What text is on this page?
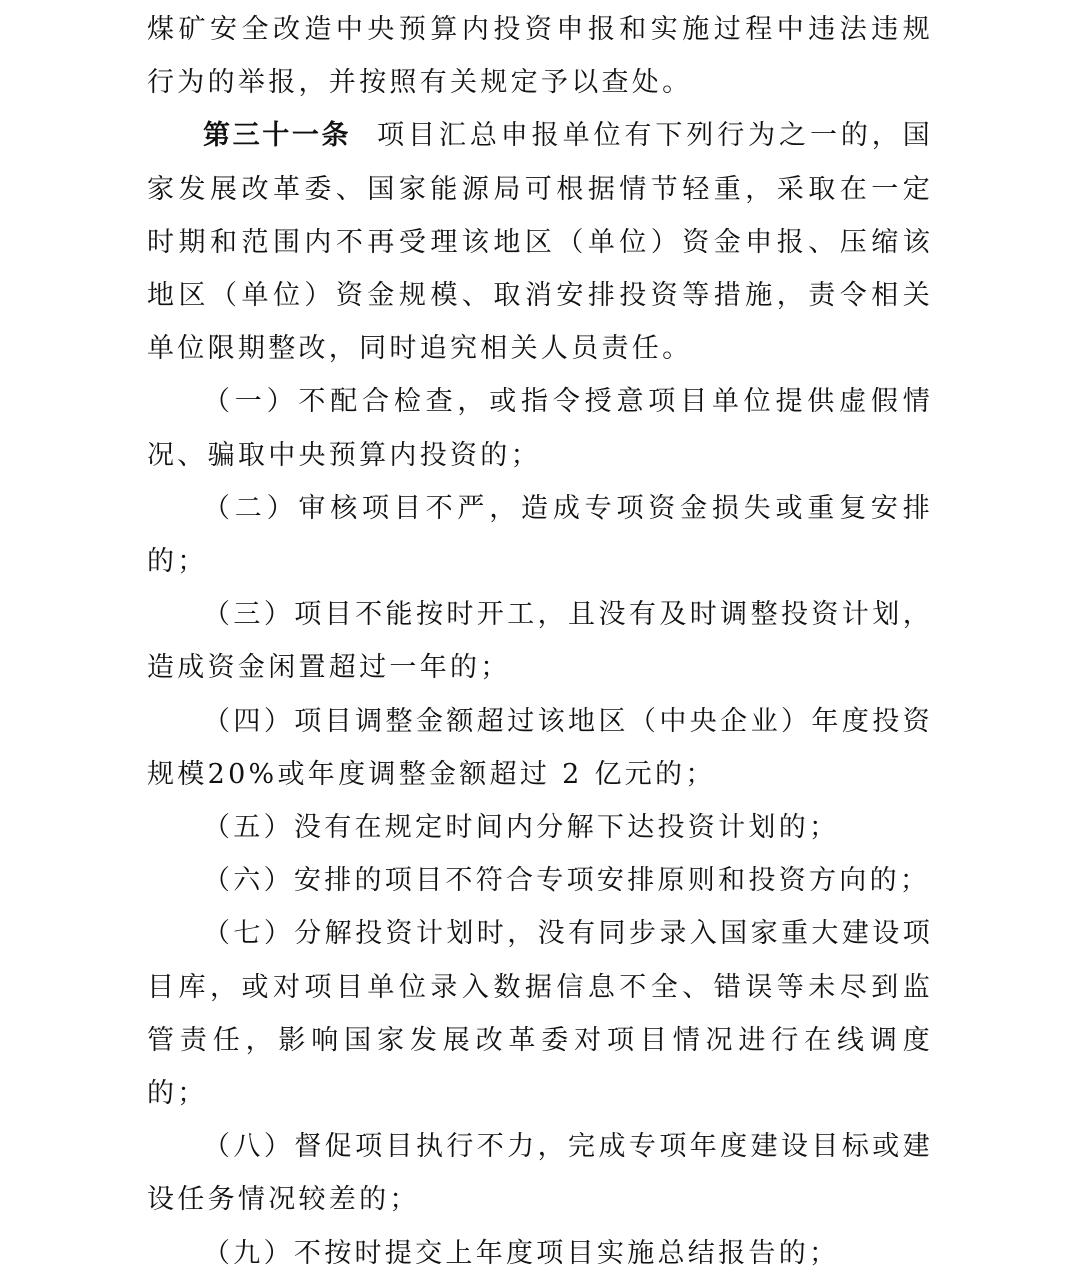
煤矿安全改造中央预算内投资申报和实施过程中违法违规行为的举报，并按照有关规定予以查处。

第三十一条 项目汇总申报单位有下列行为之一的，国家发展改革委、国家能源局可根据情节轻重，采取在一定时期和范围内不再受理该地区（单位）资金申报、压缩该地区（单位）资金规模、取消安排投资等措施，责令相关单位限期整改，同时追究相关人员责任。

（一）不配合检查，或指令授意项目单位提供虚假情况、骗取中央预算内投资的；

（二）审核项目不严，造成专项资金损失或重复安排的；

（三）项目不能按时开工，且没有及时调整投资计划，造成资金闲置超过一年的；

（四）项目调整金额超过该地区（中央企业）年度投资规模20%或年度调整金额超过 2 亿元的；

（五）没有在规定时间内分解下达投资计划的；

（六）安排的项目不符合专项安排原则和投资方向的；

（七）分解投资计划时，没有同步录入国家重大建设项目库，或对项目单位录入数据信息不全、错误等未尽到监管责任，影响国家发展改革委对项目情况进行在线调度的；

（八）督促项目执行不力，完成专项年度建设目标或建设任务情况较差的；

（九）不按时提交上年度项目实施总结报告的；
